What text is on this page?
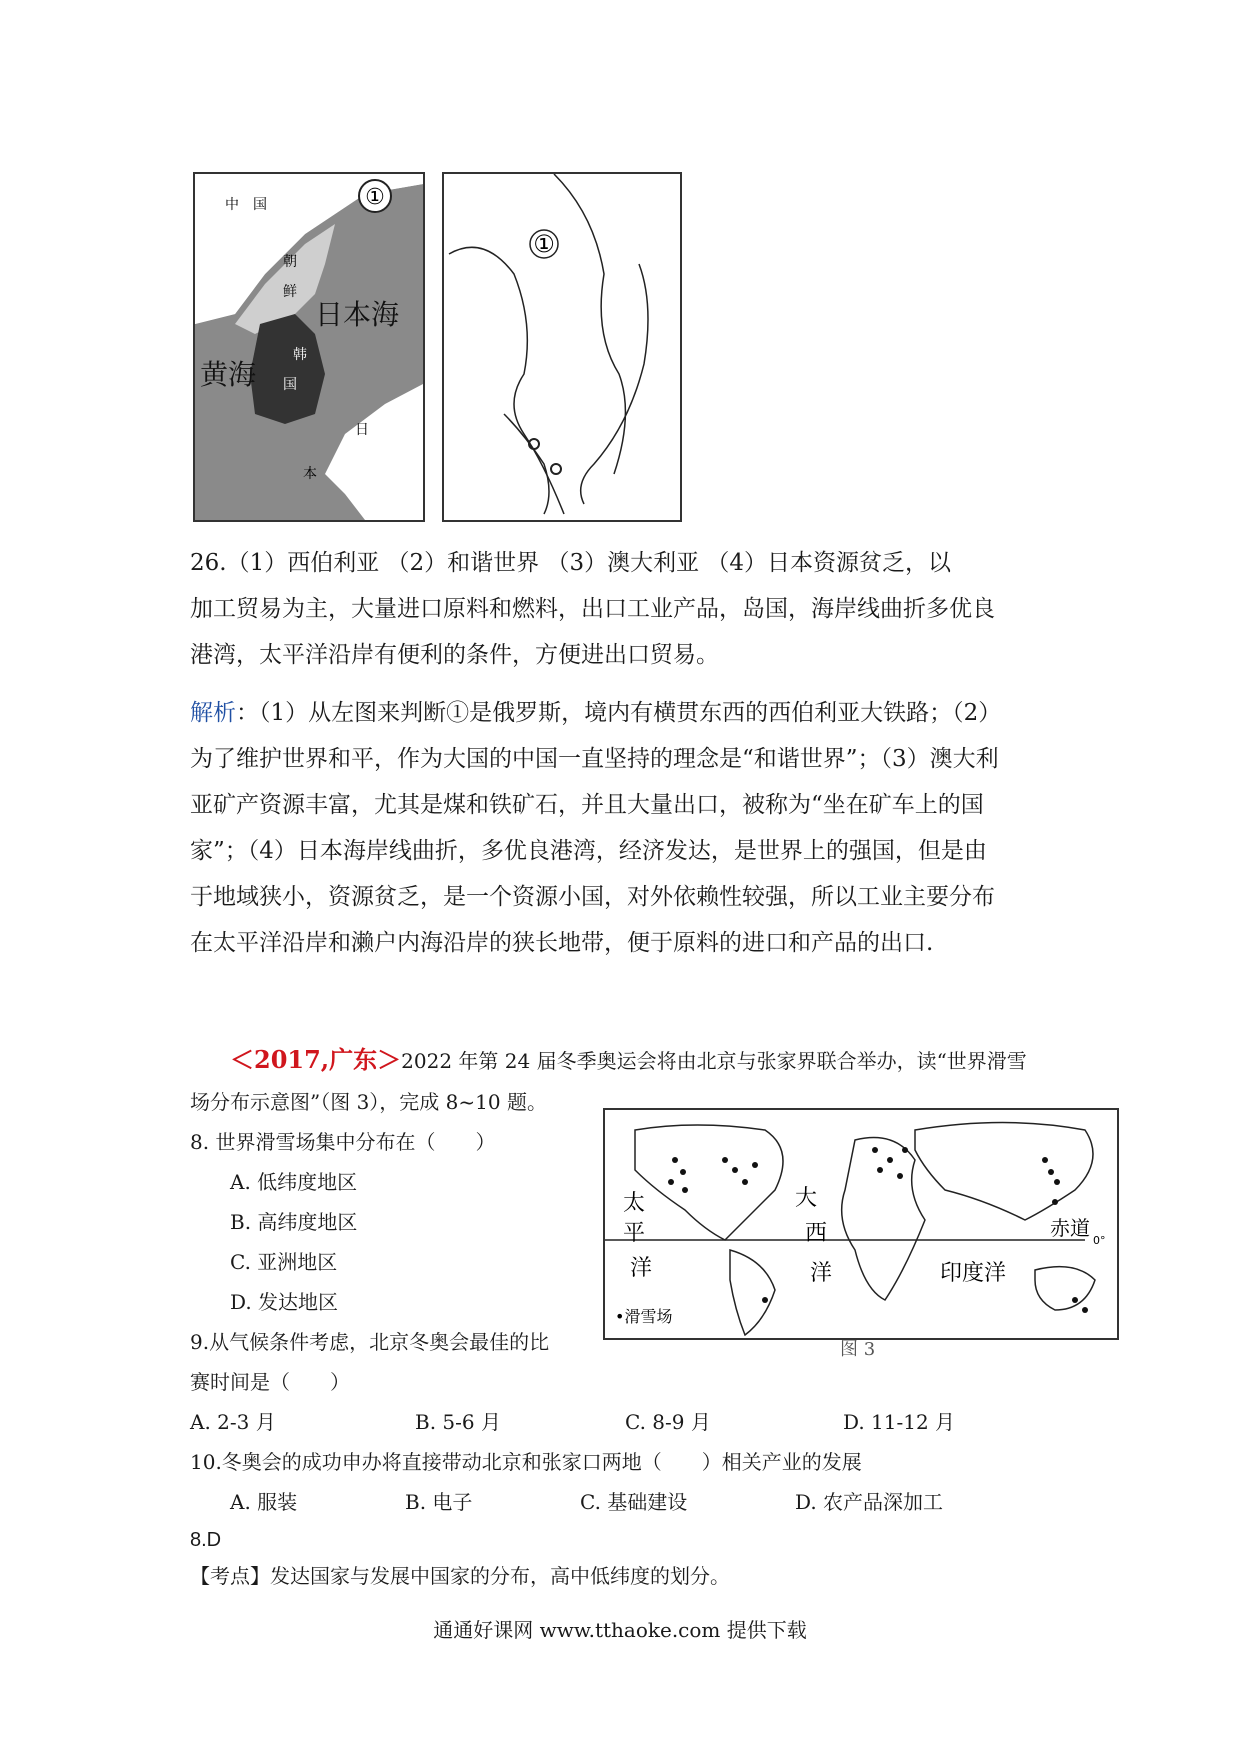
①
中　国
朝
鲜
韩
国
日本海
黄海
日
本
①
26.（1）西伯利亚 （2）和谐世界 （3）澳大利亚 （4）日本资源贫乏，以
加工贸易为主，大量进口原料和燃料，出口工业产品，岛国，海岸线曲折多优良
港湾，太平洋沿岸有便利的条件，方便进出口贸易。
解析：（1）从左图来判断①是俄罗斯，境内有横贯东西的西伯利亚大铁路；（2）
为了维护世界和平，作为大国的中国一直坚持的理念是“和谐世界”；（3）澳大利
亚矿产资源丰富，尤其是煤和铁矿石，并且大量出口，被称为“坐在矿车上的国
家”；（4）日本海岸线曲折，多优良港湾，经济发达，是世界上的强国，但是由
于地域狭小，资源贫乏，是一个资源小国，对外依赖性较强，所以工业主要分布
在太平洋沿岸和濑户内海沿岸的狭长地带，便于原料的进口和产品的出口.
＜2017,广东＞2022 年第 24 届冬季奥运会将由北京与张家界联合举办，读“世界滑雪
场分布示意图”（图 3），完成 8~10 题。
太
平
洋
大
西
洋	印度洋
赤道
0°
•滑雪场
图 3
8. 世界滑雪场集中分布在（　　）
A. 低纬度地区
B. 高纬度地区
C. 亚洲地区
D. 发达地区
9.从气候条件考虑，北京冬奥会最佳的比
赛时间是（　　）
A. 2-3 月	B. 5-6 月	C. 8-9 月	D. 11-12 月
10.冬奥会的成功申办将直接带动北京和张家口两地（　　）相关产业的发展
A. 服装	B. 电子	C. 基础建设	D. 农产品深加工
8.D
【考点】发达国家与发展中国家的分布，高中低纬度的划分。
通通好课网 www.tthaoke.com 提供下载
